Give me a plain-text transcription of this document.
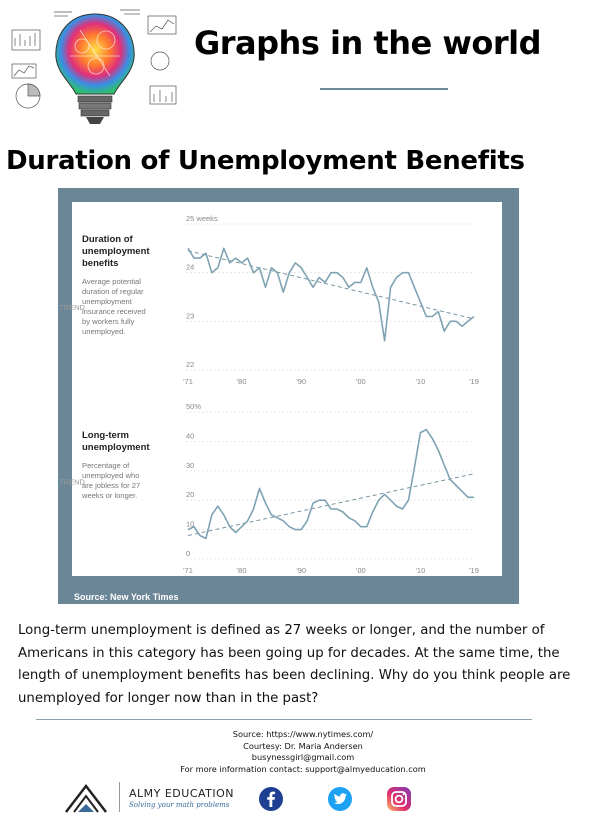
Graphs in the world
Duration of Unemployment Benefits
Duration of
unemployment
benefits
Average potential
duration of regular
unemployment
insurance received
by workers fully
unemployed.
25 weeks
24
23
22
'71	'80	'90	'00	'10	'19
TREND
Long-term
unemployment
Percentage of
unemployed who
are jobless for 27
weeks or longer.
50%
40
30
20
10
0
'71	'80	'90	'00	'10	'19
TREND
Source: New York Times
Long-term unemployment is defined as 27 weeks or longer, and the number of Americans in this category has been going up for decades. At the same time, the length of unemployment benefits has been declining. Why do you think people are unemployed for longer now than in the past?
Source: https://www.nytimes.com/
Courtesy: Dr. Maria Andersen
busynessgirl@gmail.com
For more information contact: support@almyeducation.com
ALMY EDUCATION
Solving your math problems
